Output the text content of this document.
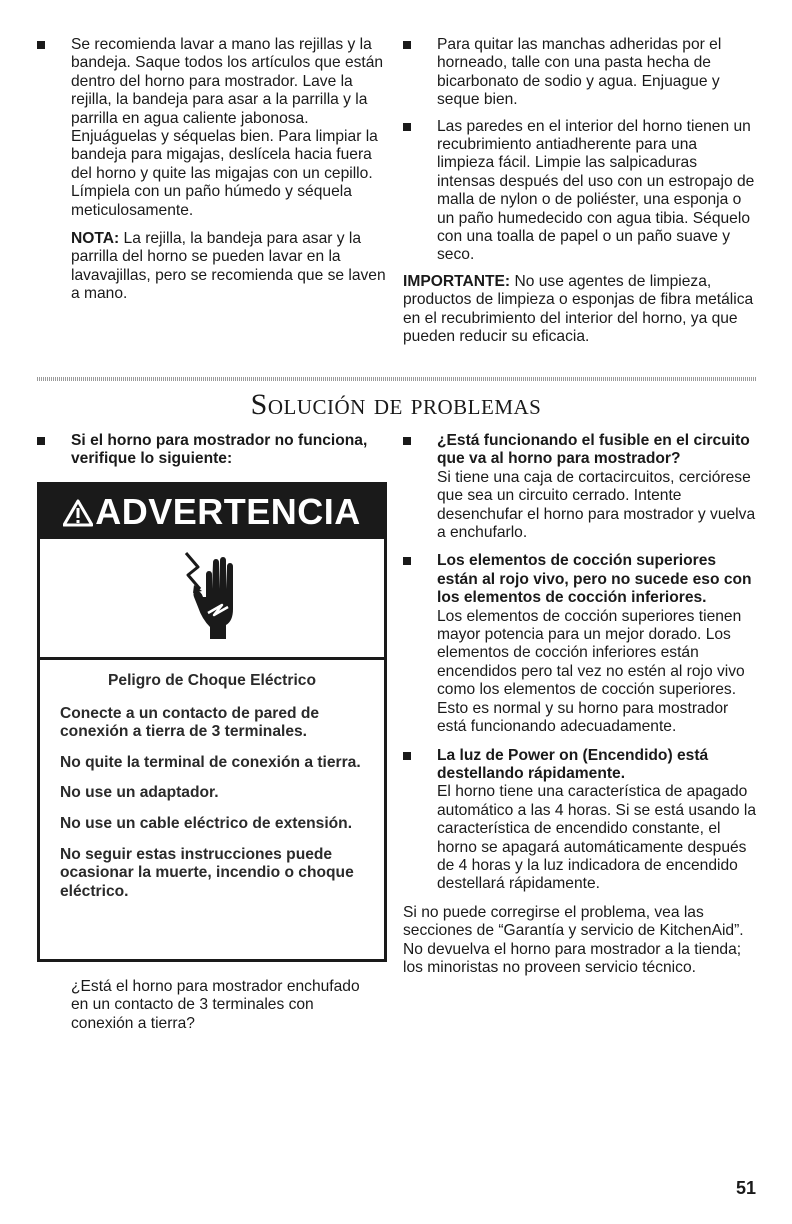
Se recomienda lavar a mano las rejillas y la bandeja. Saque todos los artículos que están dentro del horno para mostrador. Lave la rejilla, la bandeja para asar a la parrilla y la parrilla en agua caliente jabonosa. Enjuáguelas y séquelas bien. Para limpiar la bandeja para migajas, deslícela hacia fuera del horno y quite las migajas con un cepillo. Límpiela con un paño húmedo y séquela meticulosamente.
NOTA: La rejilla, la bandeja para asar y la parrilla del horno se pueden lavar en la lavavajillas, pero se recomienda que se laven a mano.
Para quitar las manchas adheridas por el horneado, talle con una pasta hecha de bicarbonato de sodio y agua. Enjuague y seque bien.
Las paredes en el interior del horno tienen un recubrimiento antiadherente para una limpieza fácil. Limpie las salpicaduras intensas después del uso con un estropajo de malla de nylon o de poliéster, una esponja o un paño humedecido con agua tibia. Séquelo con una toalla de papel o un paño suave y seco.
IMPORTANTE: No use agentes de limpieza, productos de limpieza o esponjas de fibra metálica en el recubrimiento del interior del horno, ya que pueden reducir su eficacia.
Solución de problemas
Si el horno para mostrador no funciona, verifique lo siguiente:
ADVERTENCIA

Peligro de Choque Eléctrico

Conecte a un contacto de pared de conexión a tierra de 3 terminales.

No quite la terminal de conexión a tierra.

No use un adaptador.

No use un cable eléctrico de extensión.

No seguir estas instrucciones puede ocasionar la muerte, incendio o choque eléctrico.

¿Está el horno para mostrador enchufado en un contacto de 3 terminales con conexión a tierra?
¿Está funcionando el fusible en el circuito que va al horno para mostrador?
Si tiene una caja de cortacircuitos, cerciórese que sea un circuito cerrado. Intente desenchufar el horno para mostrador y vuelva a enchufarlo.
Los elementos de cocción superiores están al rojo vivo, pero no sucede eso con los elementos de cocción inferiores.
Los elementos de cocción superiores tienen mayor potencia para un mejor dorado. Los elementos de cocción inferiores están encendidos pero tal vez no estén al rojo vivo como los elementos de cocción superiores. Esto es normal y su horno para mostrador está funcionando adecuadamente.
La luz de Power on (Encendido) está destellando rápidamente.
El horno tiene una característica de apagado automático a las 4 horas. Si se está usando la característica de encendido constante, el horno se apagará automáticamente después de 4 horas y la luz indicadora de encendido destellará rápidamente.
Si no puede corregirse el problema, vea las secciones de “Garantía y servicio de KitchenAid”. No devuelva el horno para mostrador a la tienda; los minoristas no proveen servicio técnico.
51
